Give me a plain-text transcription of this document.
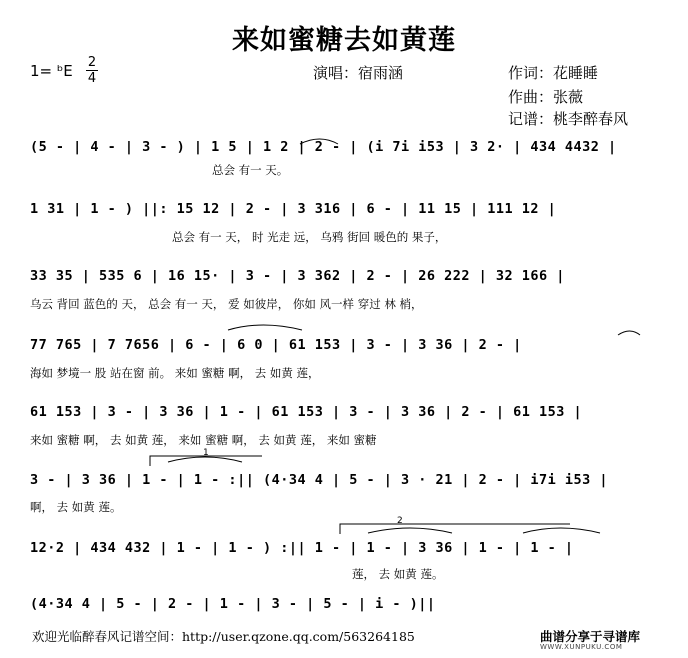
来如蜜糖去如黄莲
1= ᵇE 2
4	演唱：宿雨涵	作词：花睡睡
作曲：张薇
记谱：桃李醉春风
(5 - | 4 - | 3 - ) | 1 5 | 1 2 | 2 - | (i 7i i53 | 3 2· | 434 4432 |
总会 有一 天。
1 31 | 1 - ) ||: 15 12 | 2 - | 3 316 | 6 - | 11 15 | 111 12 |
总会 有一 天， 时 光走 远， 乌鸦 街回 暖色的 果子，
33 35 | 535 6 | 16 15· | 3 - | 3 362 | 2 - | 26 222 | 32 166 |
乌云 背回 蓝色的 天， 总会 有一 天， 爱 如彼岸， 你如 风一样 穿过 林 梢，
77 765 | 7 7656 | 6 - | 6 0 | 61 153 | 3 - | 3 36 | 2 - |
海如 梦境一 股 站在窗 前。 来如 蜜糖 啊， 去 如黄 莲，
61 153 | 3 - | 3 36 | 1 - | 61 153 | 3 - | 3 36 | 2 - | 61 153 |
来如 蜜糖 啊， 去 如黄 莲， 来如 蜜糖 啊， 去 如黄 莲， 来如 蜜糖
3 - | 3 36 | 1 - | 1 - :|| (4·34 4 | 5 - | 3 · 21 | 2 - | i7i i53 |
啊， 去 如黄 莲。
12·2 | 434 432 | 1 - | 1 - ) :|| 1 - | 1 - | 3 36 | 1 - | 1 - |
莲， 去 如黄 莲。
(4·34 4 | 5 - | 2 - | 1 - | 3 - | 5 - | i - )||
1
2
欢迎光临醉春风记谱空间：http://user.qzone.qq.com/563264185	曲谱分享于寻谱库
WWW.XUNPUKU.COM
